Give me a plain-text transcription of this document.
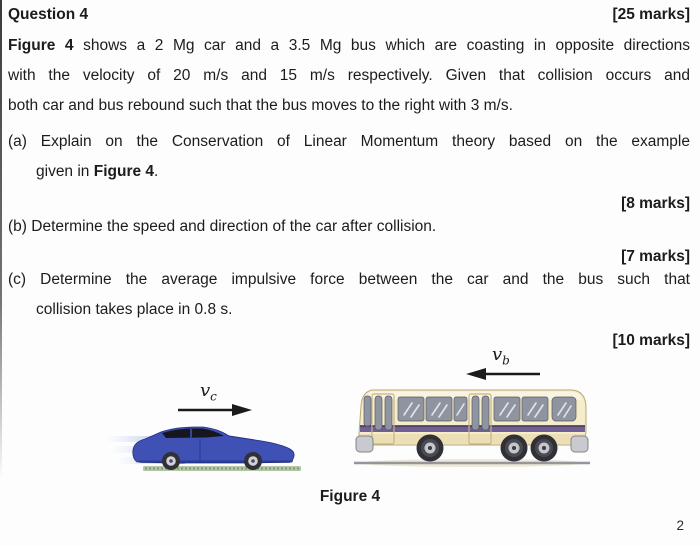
Question 4	[25 marks]
Figure 4 shows a 2 Mg car and a 3.5 Mg bus which are coasting in opposite directions
with the velocity of 20 m/s and 15 m/s respectively. Given that collision occurs and
both car and bus rebound such that the bus moves to the right with 3 m/s.
(a) Explain on the Conservation of Linear Momentum theory based on the example
given in Figure 4.
[8 marks]
(b) Determine the speed and direction of the car after collision.
[7 marks]
(c) Determine the average impulsive force between the car and the bus such that
collision takes place in 0.8 s.
[10 marks]
$v_b$
$v_c$
Figure 4
2
